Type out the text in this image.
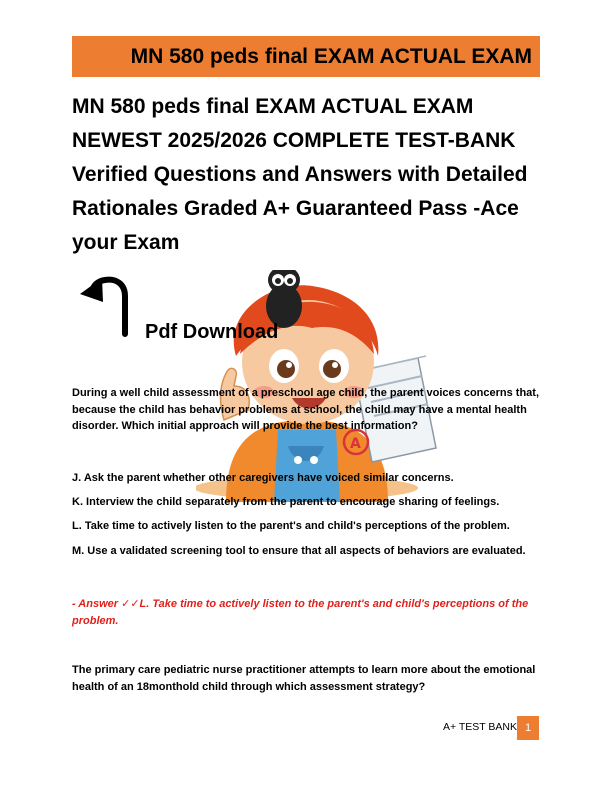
MN 580 peds final EXAM ACTUAL EXAM
MN 580 peds final EXAM ACTUAL EXAM NEWEST 2025/2026 COMPLETE TEST-BANK Verified Questions and Answers with Detailed Rationales Graded A+ Guaranteed Pass -Ace your Exam
A
Pdf Download

During a well child assessment of a preschool age child, the parent voices concerns that, because the child has behavior problems at school, the child may have a mental health disorder. Which initial approach will provide the best information?

J. Ask the parent whether other caregivers have voiced similar concerns.

K. Interview the child separately from the parent to encourage sharing of feelings.

L. Take time to actively listen to the parent's and child's perceptions of the problem.

M. Use a validated screening tool to ensure that all aspects of behaviors are evaluated.

- Answer ✓✓L. Take time to actively listen to the parent's and child's perceptions of the problem.

The primary care pediatric nurse practitioner attempts to learn more about the emotional health of an 18monthold child through which assessment strategy?

A+ TEST BANK 1
